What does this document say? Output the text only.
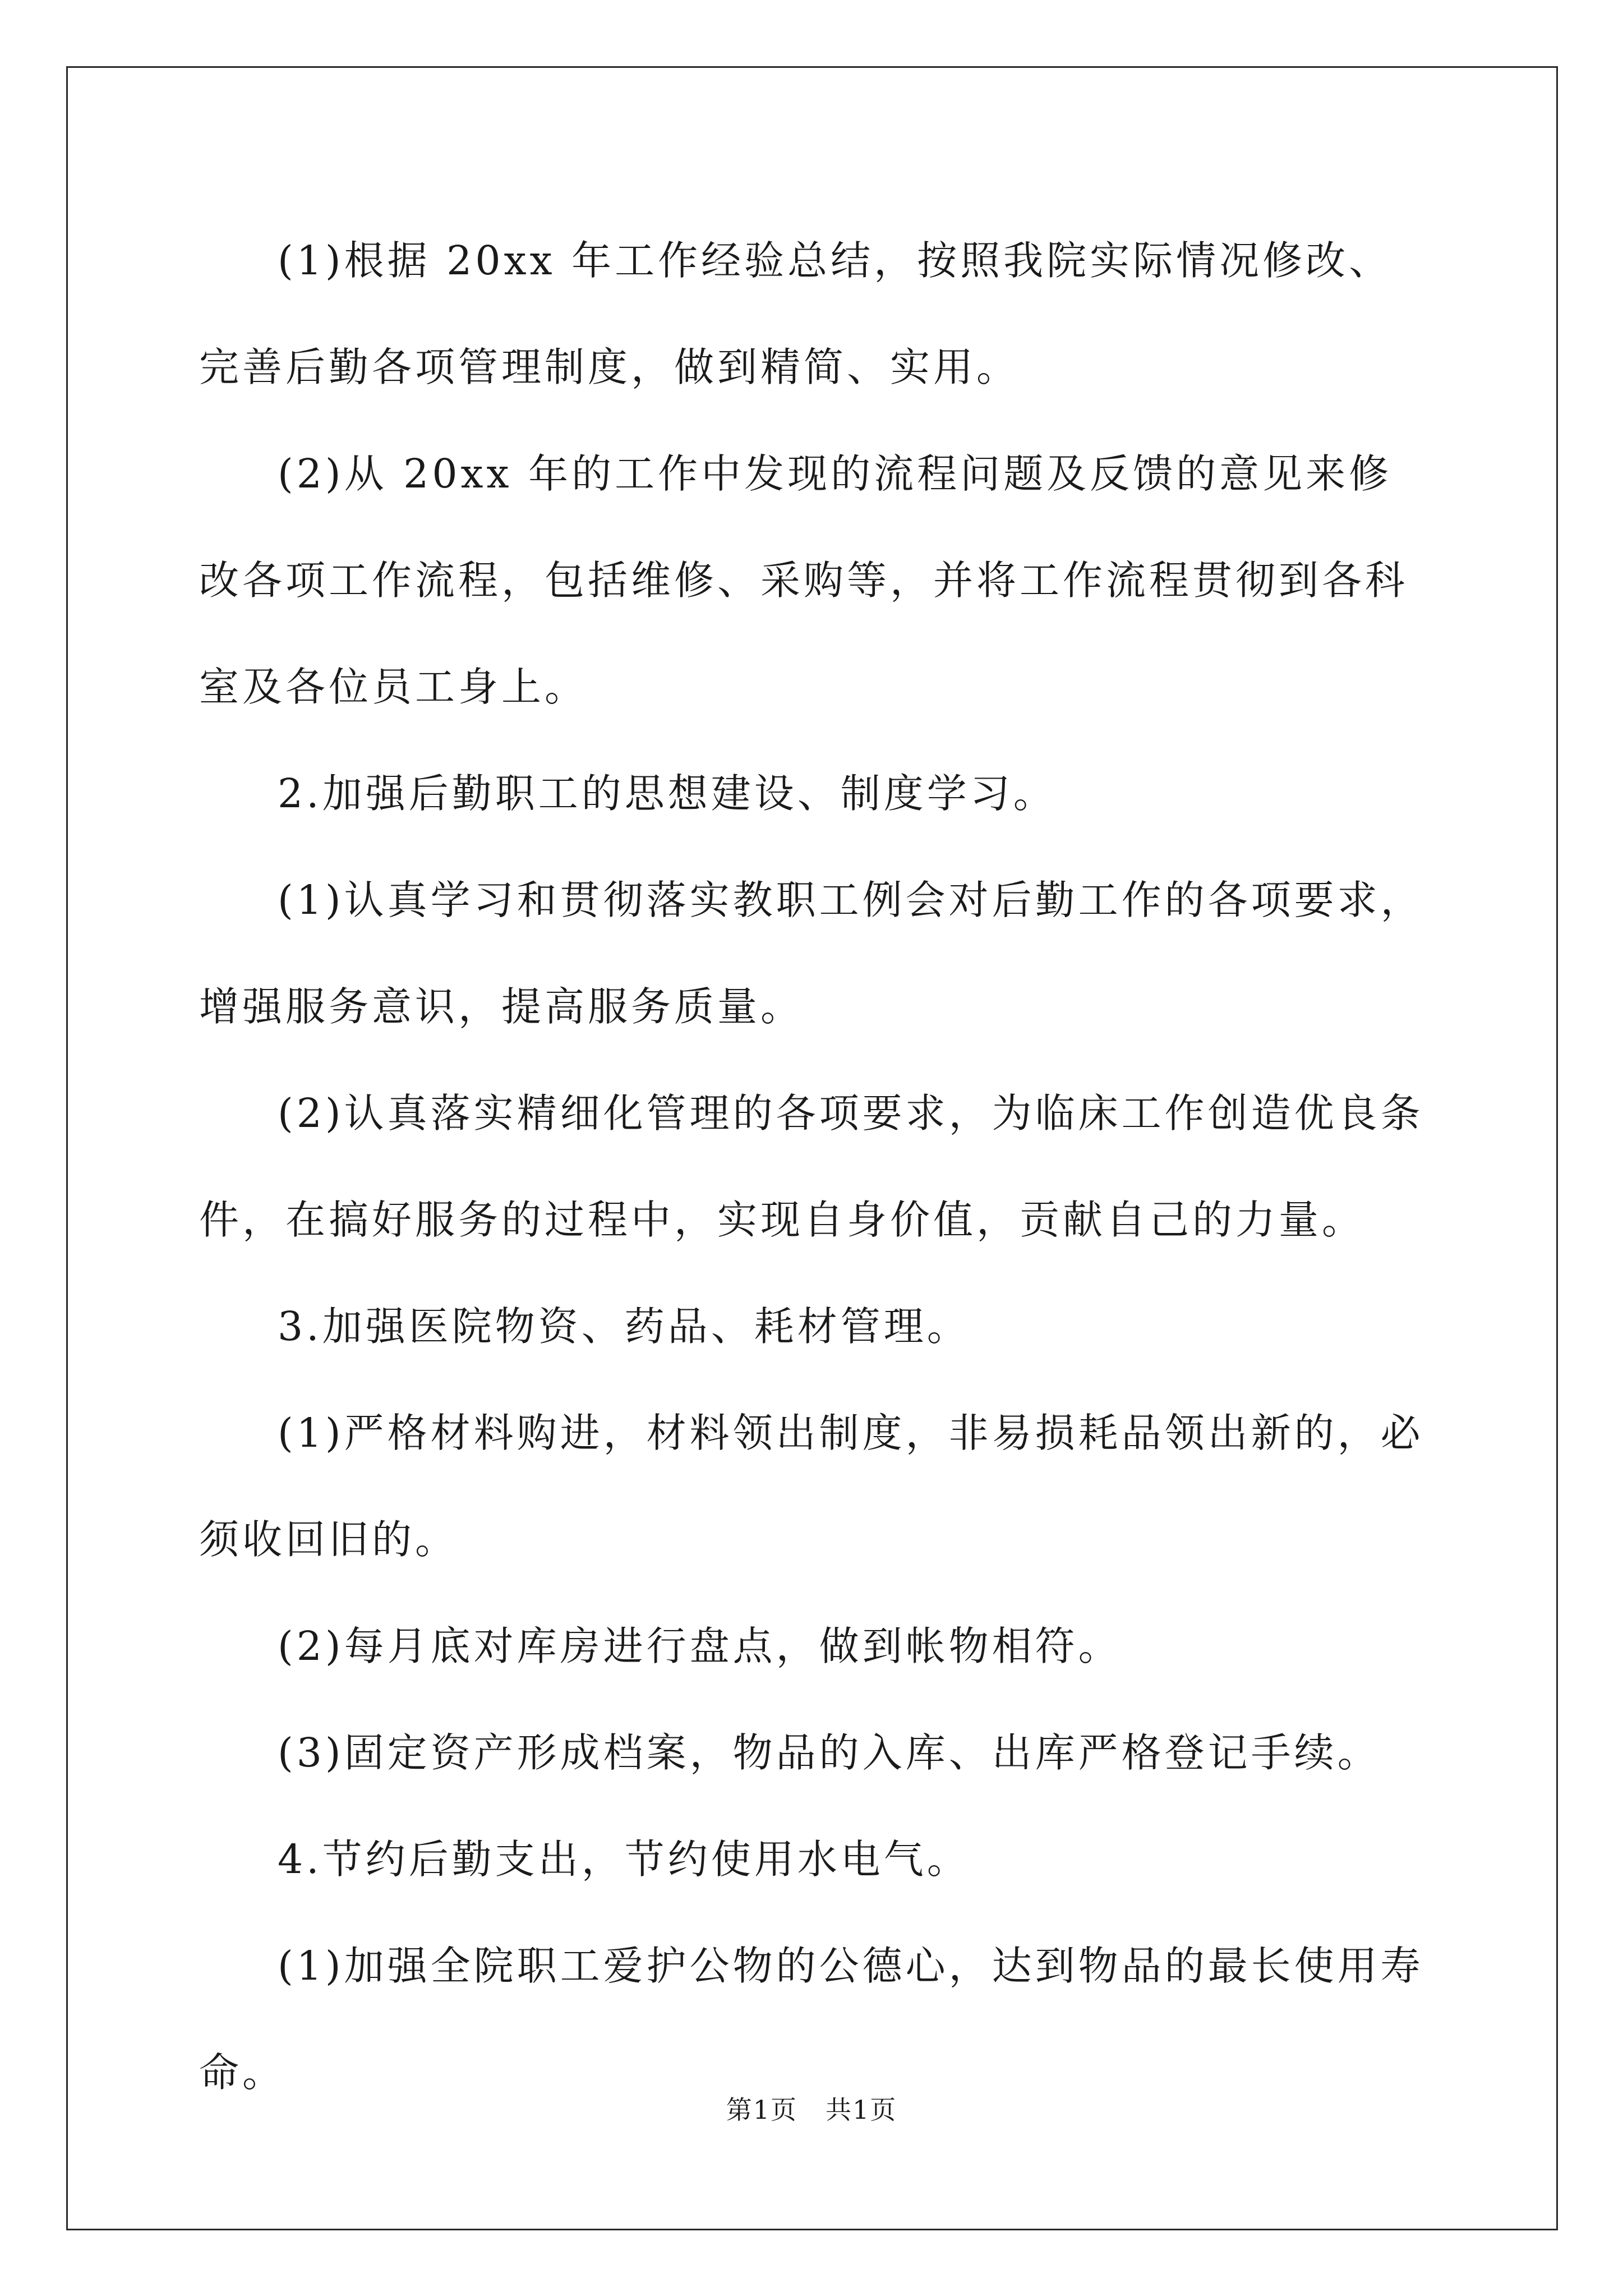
(1)根据 20xx 年工作经验总结，按照我院实际情况修改、完善后勤各项管理制度，做到精简、实用。

(2)从 20xx 年的工作中发现的流程问题及反馈的意见来修改各项工作流程，包括维修、采购等，并将工作流程贯彻到各科室及各位员工身上。

2.加强后勤职工的思想建设、制度学习。

(1)认真学习和贯彻落实教职工例会对后勤工作的各项要求，增强服务意识，提高服务质量。

(2)认真落实精细化管理的各项要求，为临床工作创造优良条件，在搞好服务的过程中，实现自身价值，贡献自己的力量。

3.加强医院物资、药品、耗材管理。

(1)严格材料购进，材料领出制度，非易损耗品领出新的，必须收回旧的。

(2)每月底对库房进行盘点，做到帐物相符。

(3)固定资产形成档案，物品的入库、出库严格登记手续。

4.节约后勤支出，节约使用水电气。

(1)加强全院职工爱护公物的公德心，达到物品的最长使用寿命。

第1页 共1页
